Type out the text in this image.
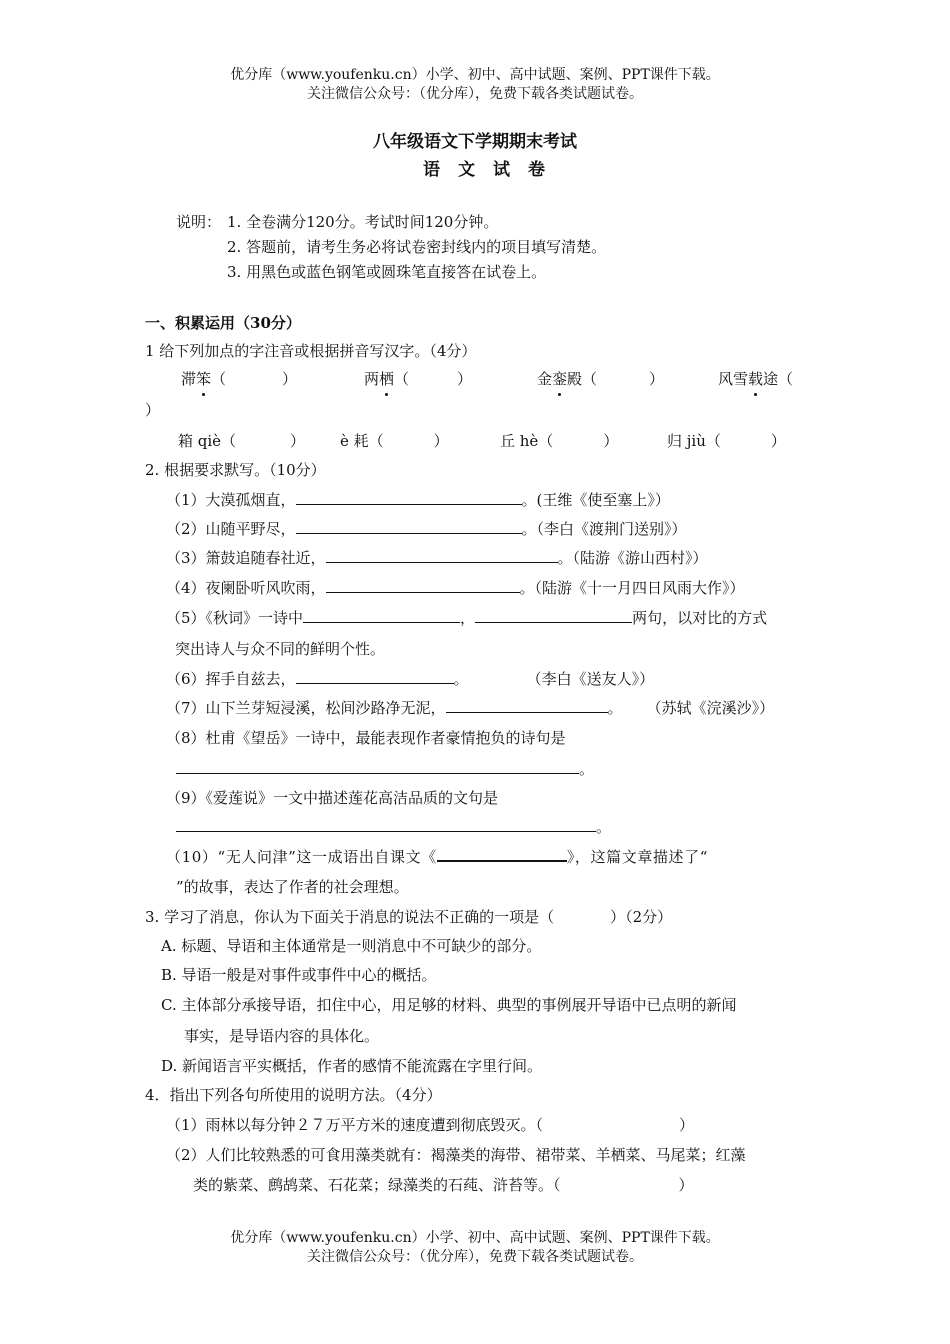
优分库（www.youfenku.cn）小学、初中、高中试题、案例、PPT课件下载。
关注微信公众号：（优分库），免费下载各类试题试卷。
八年级语文下学期期末考试
语文试卷
说明： 1. 全卷满分120分。考试时间120分钟。
2. 答题前，请考生务必将试卷密封线内的项目填写清楚。
3. 用黑色或蓝色钢笔或圆珠笔直接答在试卷上。
一、积累运用（30分）
1 给下列加点的字注音或根据拼音写汉字。（4分）
滞笨（	）	两栖（	）	金銮殿（	）	风雪载途（
）
箱 qiè（	） è 耗（	）	丘 hè（	）	归 jiù（	）
2. 根据要求默写。（10分）
（1）大漠孤烟直，	。(王维《使至塞上》）
（2）山随平野尽，	。（李白《渡荆门送别》）
（3）箫鼓追随春社近，	。（陆游《游山西村》）
（4）夜阑卧听风吹雨，	。（陆游《十一月四日风雨大作》）
（5）《秋词》一诗中	，	两句，以对比的方式
突出诗人与众不同的鲜明个性。
（6）挥手自兹去，	。	（李白《送友人》）
（7）山下兰芽短浸溪，松间沙路净无泥，	。 （苏轼《浣溪沙》）
（8）杜甫《望岳》一诗中，最能表现作者豪情抱负的诗句是
。
（9）《爱莲说》一文中描述莲花高洁品质的文句是
。
（10）“无人问津”这一成语出自课文《	》，这篇文章描述了“
”的故事，表达了作者的社会理想。
3. 学习了消息，你认为下面关于消息的说法不正确的一项是（	）（2分）
A. 标题、导语和主体通常是一则消息中不可缺少的部分。
B. 导语一般是对事件或事件中心的概括。
C. 主体部分承接导语，扣住中心，用足够的材料、典型的事例展开导语中已点明的新闻
事实，是导语内容的具体化。
D. 新闻语言平实概括，作者的感情不能流露在字里行间。
4．指出下列各句所使用的说明方法。（4分）
（1）雨林以每分钟２７万平方米的速度遭到彻底毁灭。（	）
（2）人们比较熟悉的可食用藻类就有：褐藻类的海带、裙带菜、羊栖菜、马尾菜；红藻
类的紫菜、鹧鸪菜、石花菜；绿藻类的石莼、浒苔等。（	）
优分库（www.youfenku.cn）小学、初中、高中试题、案例、PPT课件下载。
关注微信公众号：（优分库），免费下载各类试题试卷。
